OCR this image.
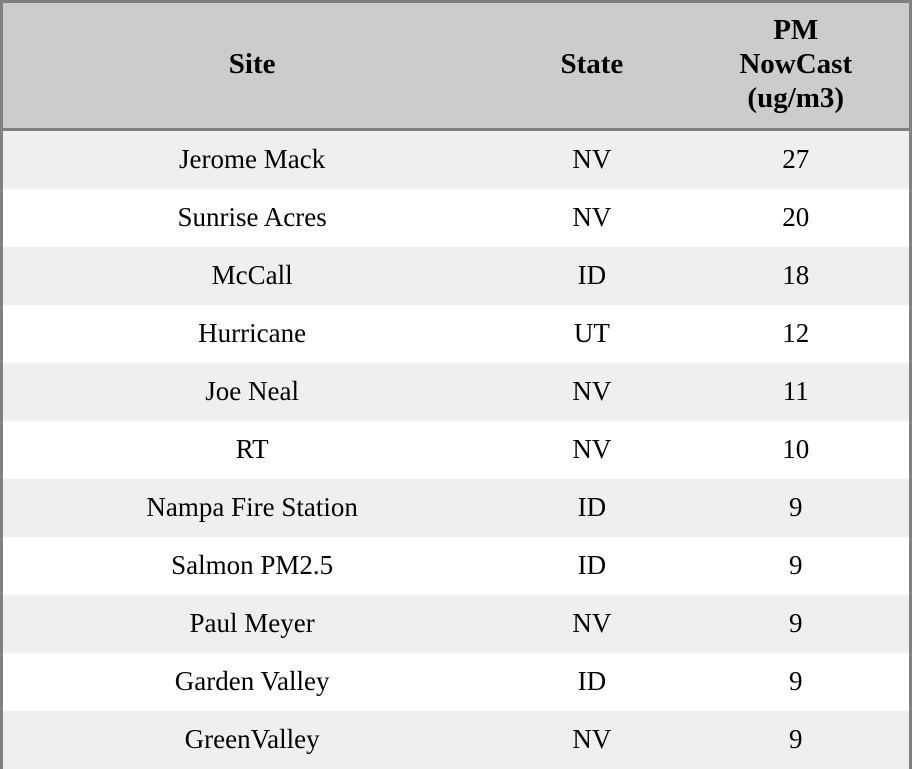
Site	State	PM
NowCast
(ug/m3)

Jerome Mack	NV	27
Sunrise Acres	NV	20
McCall	ID	18
Hurricane	UT	12
Joe Neal	NV	11
RT	NV	10
Nampa Fire Station	ID	9
Salmon PM2.5	ID	9
Paul Meyer	NV	9
Garden Valley	ID	9
GreenValley	NV	9
